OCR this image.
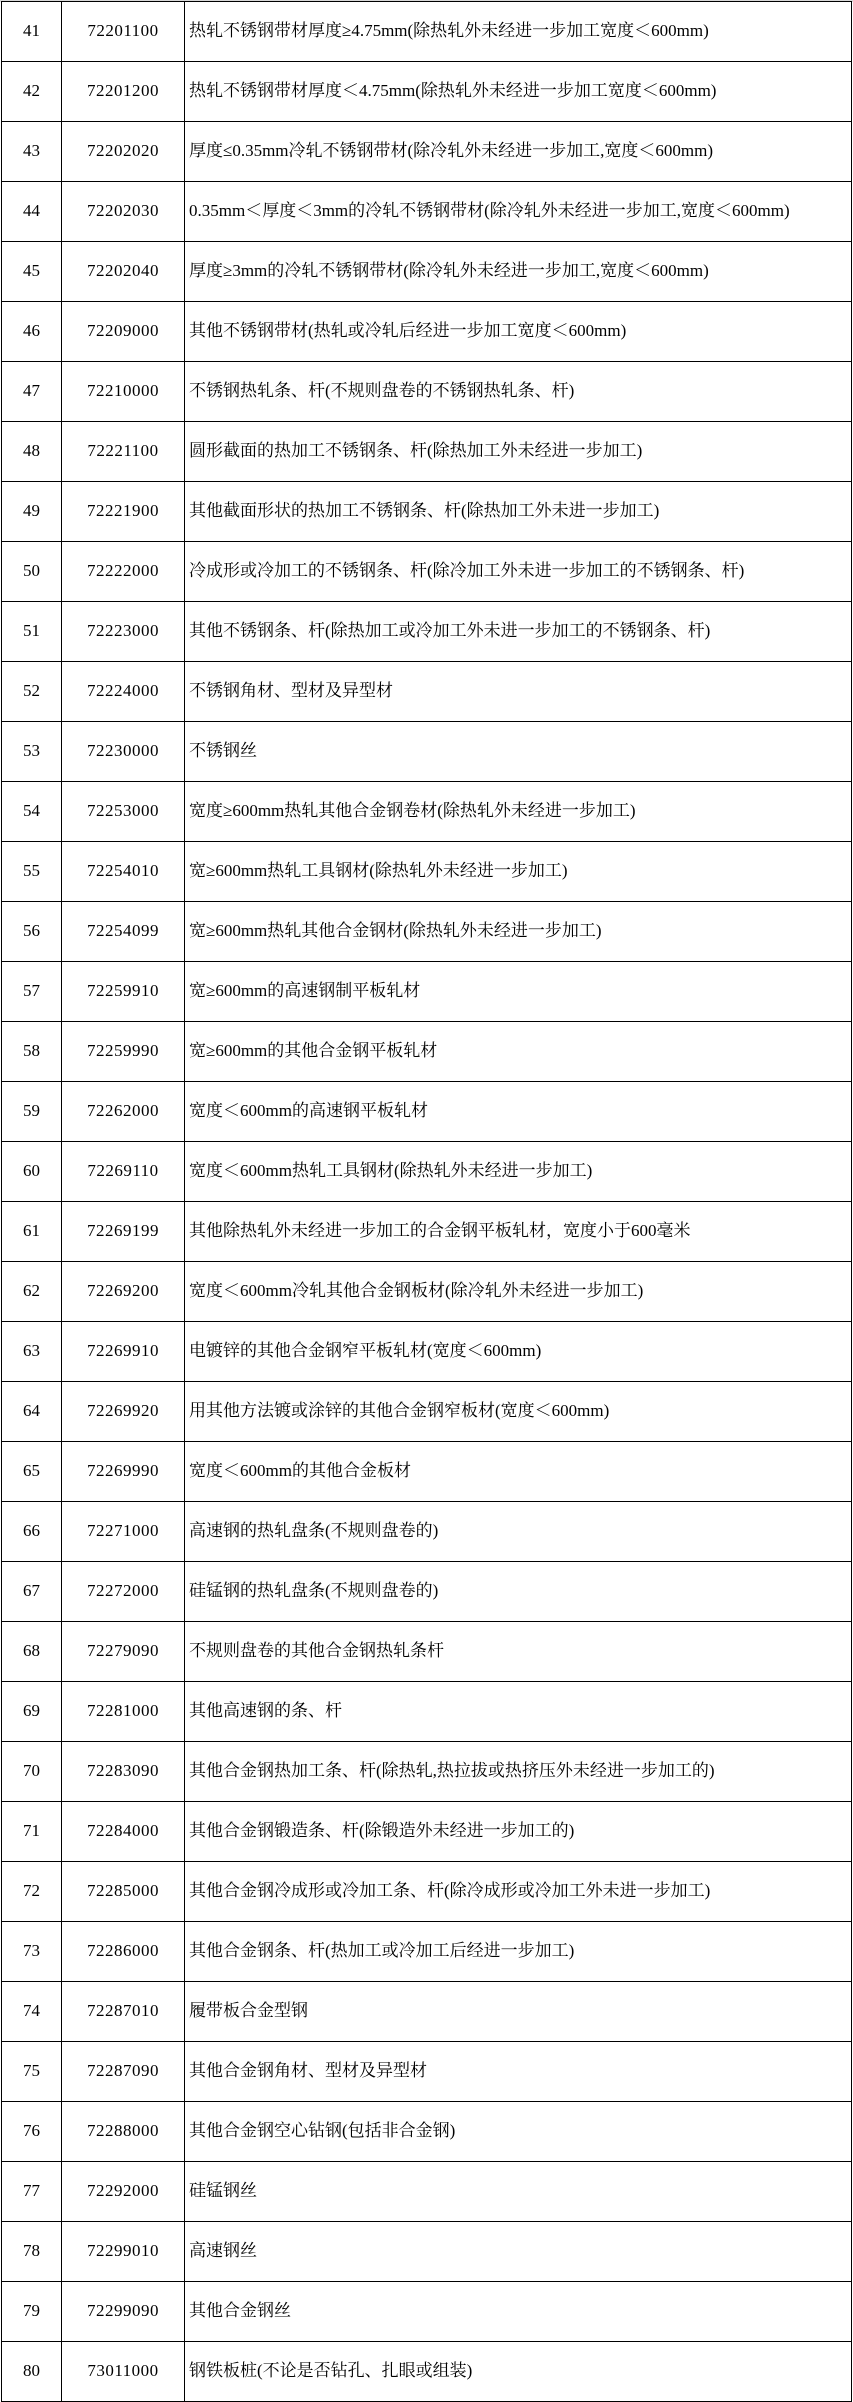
41	72201100	热轧不锈钢带材厚度≥4.75mm(除热轧外未经进一步加工宽度＜600mm)
42	72201200	热轧不锈钢带材厚度＜4.75mm(除热轧外未经进一步加工宽度＜600mm)
43	72202020	厚度≤0.35mm冷轧不锈钢带材(除冷轧外未经进一步加工,宽度＜600mm)
44	72202030	0.35mm＜厚度＜3mm的冷轧不锈钢带材(除冷轧外未经进一步加工,宽度＜600mm)
45	72202040	厚度≥3mm的冷轧不锈钢带材(除冷轧外未经进一步加工,宽度＜600mm)
46	72209000	其他不锈钢带材(热轧或冷轧后经进一步加工宽度＜600mm)
47	72210000	不锈钢热轧条、杆(不规则盘卷的不锈钢热轧条、杆)
48	72221100	圆形截面的热加工不锈钢条、杆(除热加工外未经进一步加工)
49	72221900	其他截面形状的热加工不锈钢条、杆(除热加工外未进一步加工)
50	72222000	冷成形或冷加工的不锈钢条、杆(除冷加工外未进一步加工的不锈钢条、杆)
51	72223000	其他不锈钢条、杆(除热加工或冷加工外未进一步加工的不锈钢条、杆)
52	72224000	不锈钢角材、型材及异型材
53	72230000	不锈钢丝
54	72253000	宽度≥600mm热轧其他合金钢卷材(除热轧外未经进一步加工)
55	72254010	宽≥600mm热轧工具钢材(除热轧外未经进一步加工)
56	72254099	宽≥600mm热轧其他合金钢材(除热轧外未经进一步加工)
57	72259910	宽≥600mm的高速钢制平板轧材
58	72259990	宽≥600mm的其他合金钢平板轧材
59	72262000	宽度＜600mm的高速钢平板轧材
60	72269110	宽度＜600mm热轧工具钢材(除热轧外未经进一步加工)
61	72269199	其他除热轧外未经进一步加工的合金钢平板轧材，宽度小于600毫米
62	72269200	宽度＜600mm冷轧其他合金钢板材(除冷轧外未经进一步加工)
63	72269910	电镀锌的其他合金钢窄平板轧材(宽度＜600mm)
64	72269920	用其他方法镀或涂锌的其他合金钢窄板材(宽度＜600mm)
65	72269990	宽度＜600mm的其他合金板材
66	72271000	高速钢的热轧盘条(不规则盘卷的)
67	72272000	硅锰钢的热轧盘条(不规则盘卷的)
68	72279090	不规则盘卷的其他合金钢热轧条杆
69	72281000	其他高速钢的条、杆
70	72283090	其他合金钢热加工条、杆(除热轧,热拉拔或热挤压外未经进一步加工的)
71	72284000	其他合金钢锻造条、杆(除锻造外未经进一步加工的)
72	72285000	其他合金钢冷成形或冷加工条、杆(除冷成形或冷加工外未进一步加工)
73	72286000	其他合金钢条、杆(热加工或冷加工后经进一步加工)
74	72287010	履带板合金型钢
75	72287090	其他合金钢角材、型材及异型材
76	72288000	其他合金钢空心钻钢(包括非合金钢)
77	72292000	硅锰钢丝
78	72299010	高速钢丝
79	72299090	其他合金钢丝
80	73011000	钢铁板桩(不论是否钻孔、扎眼或组装)
